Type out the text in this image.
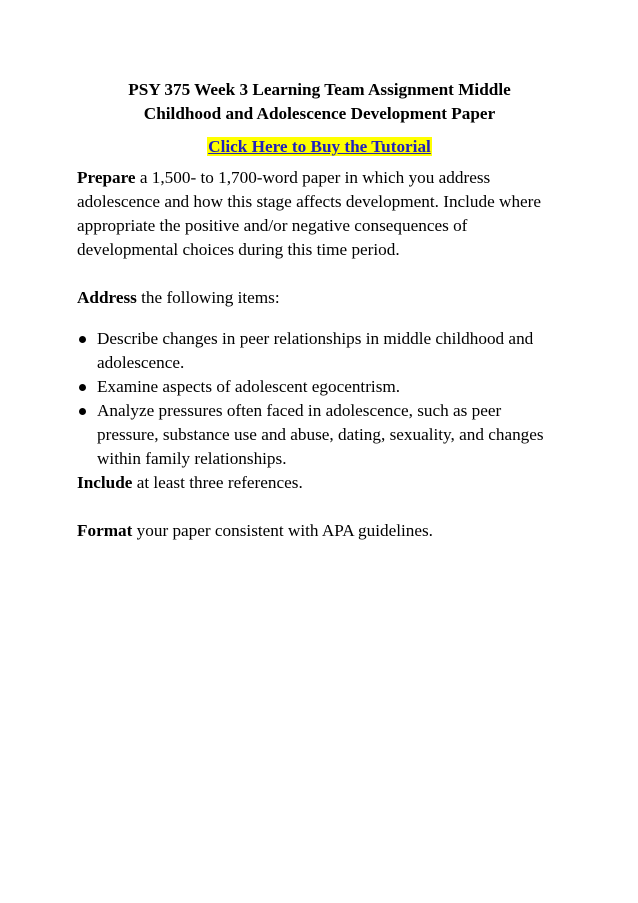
PSY 375 Week 3 Learning Team Assignment Middle
Childhood and Adolescence Development Paper
Click Here to Buy the Tutorial

Prepare a 1,500- to 1,700-word paper in which you address adolescence and how this stage affects development. Include where appropriate the positive and/or negative consequences of developmental choices during this time period.

Address the following items:

Describe changes in peer relationships in middle childhood and adolescence.
Examine aspects of adolescent egocentrism.
Analyze pressures often faced in adolescence, such as peer pressure, substance use and abuse, dating, sexuality, and changes within family relationships.

Include at least three references.

Format your paper consistent with APA guidelines.
